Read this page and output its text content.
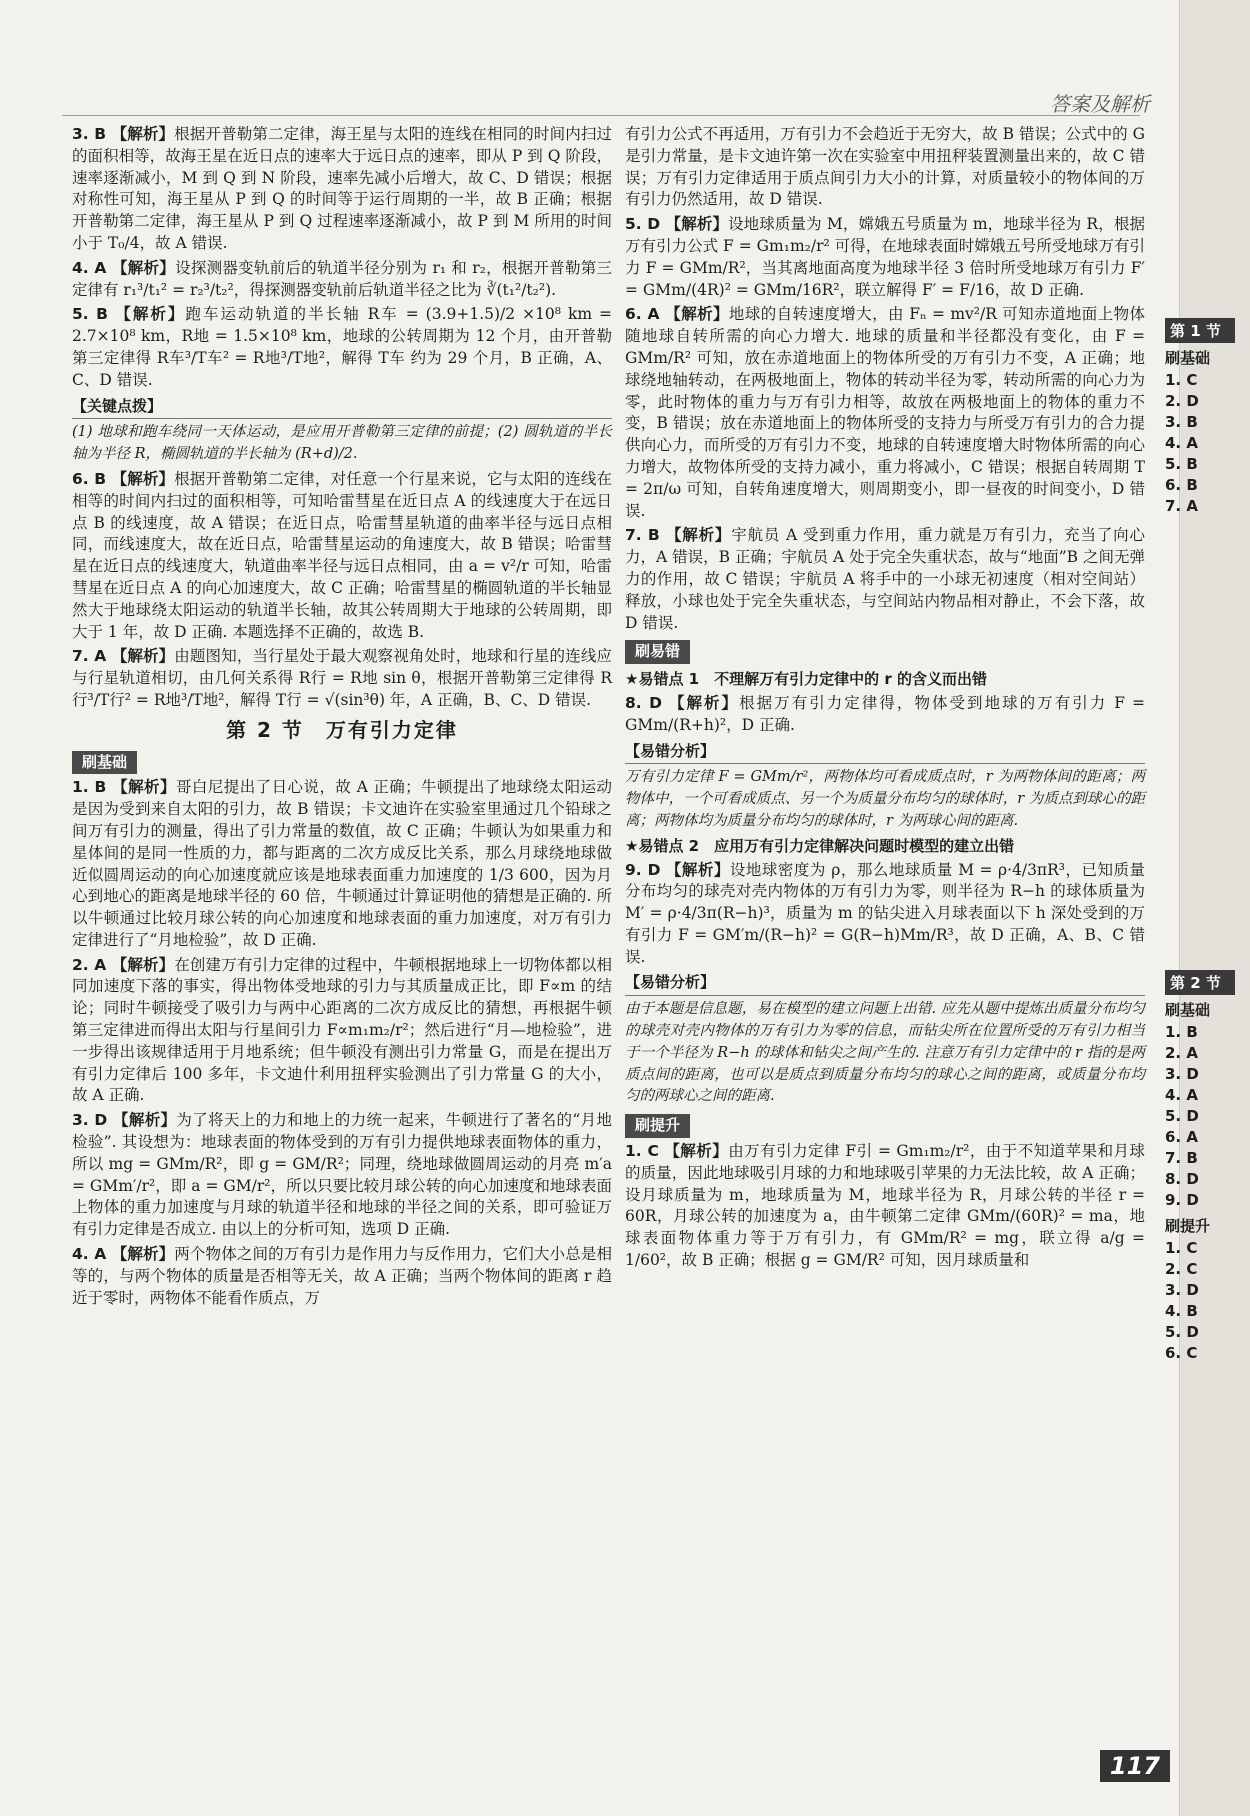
答案及解析

3. B 【解析】根据开普勒第二定律，海王星与太阳的连线在相同的时间内扫过的面积相等，故海王星在近日点的速率大于远日点的速率，即从 P 到 Q 阶段，速率逐渐减小，M 到 Q 到 N 阶段，速率先减小后增大，故 C、D 错误；根据对称性可知，海王星从 P 到 Q 的时间等于运行周期的一半，故 B 正确；根据开普勒第二定律，海王星从 P 到 Q 过程速率逐渐减小，故 P 到 M 所用的时间小于 T₀/4，故 A 错误.

4. A 【解析】设探测器变轨前后的轨道半径分别为 r₁ 和 r₂，根据开普勒第三定律有 r₁³/t₁² = r₂³/t₂²，得探测器变轨前后轨道半径之比为 ∛(t₁²/t₂²).

5. B 【解析】跑车运动轨道的半长轴 R车 = (3.9+1.5)/2 ×10⁸ km = 2.7×10⁸ km，R地 = 1.5×10⁸ km，地球的公转周期为 12 个月，由开普勒第三定律得 R车³/T车² = R地³/T地²，解得 T车 约为 29 个月，B 正确，A、C、D 错误.

【关键点拨】

(1) 地球和跑车绕同一天体运动，是应用开普勒第三定律的前提；(2) 圆轨道的半长轴为半径 R，椭圆轨道的半长轴为 (R+d)/2.

6. B 【解析】根据开普勒第二定律，对任意一个行星来说，它与太阳的连线在相等的时间内扫过的面积相等，可知哈雷彗星在近日点 A 的线速度大于在远日点 B 的线速度，故 A 错误；在近日点，哈雷彗星轨道的曲率半径与远日点相同，而线速度大，故在近日点，哈雷彗星运动的角速度大，故 B 错误；哈雷彗星在近日点的线速度大，轨道曲率半径与远日点相同，由 a = v²/r 可知，哈雷彗星在近日点 A 的向心加速度大，故 C 正确；哈雷彗星的椭圆轨道的半长轴显然大于地球绕太阳运动的轨道半长轴，故其公转周期大于地球的公转周期，即大于 1 年，故 D 正确. 本题选择不正确的，故选 B.

7. A 【解析】由题图知，当行星处于最大观察视角处时，地球和行星的连线应与行星轨道相切，由几何关系得 R行 = R地 sin θ，根据开普勒第三定律得 R行³/T行² = R地³/T地²，解得 T行 = √(sin³θ) 年，A 正确，B、C、D 错误.

第 2 节　万有引力定律
刷基础

1. B 【解析】哥白尼提出了日心说，故 A 正确；牛顿提出了地球绕太阳运动是因为受到来自太阳的引力，故 B 错误；卡文迪许在实验室里通过几个铅球之间万有引力的测量，得出了引力常量的数值，故 C 正确；牛顿认为如果重力和星体间的是同一性质的力，都与距离的二次方成反比关系，那么月球绕地球做近似圆周运动的向心加速度就应该是地球表面重力加速度的 1/3 600，因为月心到地心的距离是地球半径的 60 倍，牛顿通过计算证明他的猜想是正确的. 所以牛顿通过比较月球公转的向心加速度和地球表面的重力加速度，对万有引力定律进行了“月地检验”，故 D 正确.

2. A 【解析】在创建万有引力定律的过程中，牛顿根据地球上一切物体都以相同加速度下落的事实，得出物体受地球的引力与其质量成正比，即 F∝m 的结论；同时牛顿接受了吸引力与两中心距离的二次方成反比的猜想，再根据牛顿第三定律进而得出太阳与行星间引力 F∝m₁m₂/r²；然后进行“月—地检验”，进一步得出该规律适用于月地系统；但牛顿没有测出引力常量 G，而是在提出万有引力定律后 100 多年，卡文迪什利用扭秤实验测出了引力常量 G 的大小，故 A 正确.

3. D 【解析】为了将天上的力和地上的力统一起来，牛顿进行了著名的“月地检验”. 其设想为：地球表面的物体受到的万有引力提供地球表面物体的重力，所以 mg = GMm/R²，即 g = GM/R²；同理，绕地球做圆周运动的月亮 m′a = GMm′/r²，即 a = GM/r²，所以只要比较月球公转的向心加速度和地球表面上物体的重力加速度与月球的轨道半径和地球的半径之间的关系，即可验证万有引力定律是否成立. 由以上的分析可知，选项 D 正确.

4. A 【解析】两个物体之间的万有引力是作用力与反作用力，它们大小总是相等的，与两个物体的质量是否相等无关，故 A 正确；当两个物体间的距离 r 趋近于零时，两物体不能看作质点，万

有引力公式不再适用，万有引力不会趋近于无穷大，故 B 错误；公式中的 G 是引力常量，是卡文迪许第一次在实验室中用扭秤装置测量出来的，故 C 错误；万有引力定律适用于质点间引力大小的计算，对质量较小的物体间的万有引力仍然适用，故 D 错误.

5. D 【解析】设地球质量为 M，嫦娥五号质量为 m，地球半径为 R，根据万有引力公式 F = Gm₁m₂/r² 可得，在地球表面时嫦娥五号所受地球万有引力 F = GMm/R²，当其离地面高度为地球半径 3 倍时所受地球万有引力 F′ = GMm/(4R)² = GMm/16R²，联立解得 F′ = F/16，故 D 正确.

6. A 【解析】地球的自转速度增大，由 Fₙ = mv²/R 可知赤道地面上物体随地球自转所需的向心力增大. 地球的质量和半径都没有变化，由 F = GMm/R² 可知，放在赤道地面上的物体所受的万有引力不变，A 正确；地球绕地轴转动，在两极地面上，物体的转动半径为零，转动所需的向心力为零，此时物体的重力与万有引力相等，故放在两极地面上的物体的重力不变，B 错误；放在赤道地面上的物体所受的支持力与所受万有引力的合力提供向心力，而所受的万有引力不变，地球的自转速度增大时物体所需的向心力增大，故物体所受的支持力减小，重力将减小，C 错误；根据自转周期 T = 2π/ω 可知，自转角速度增大，则周期变小，即一昼夜的时间变小，D 错误.

7. B 【解析】宇航员 A 受到重力作用，重力就是万有引力，充当了向心力，A 错误，B 正确；宇航员 A 处于完全失重状态，故与“地面”B 之间无弹力的作用，故 C 错误；宇航员 A 将手中的一小球无初速度（相对空间站）释放，小球也处于完全失重状态，与空间站内物品相对静止，不会下落，故 D 错误.

刷易错
★易错点 1　不理解万有引力定律中的 r 的含义而出错

8. D 【解析】根据万有引力定律得，物体受到地球的万有引力 F = GMm/(R+h)²，D 正确.

【易错分析】

万有引力定律 F = GMm/r²，两物体均可看成质点时，r 为两物体间的距离；两物体中，一个可看成质点、另一个为质量分布均匀的球体时，r 为质点到球心的距离；两物体均为质量分布均匀的球体时，r 为两球心间的距离.

★易错点 2　应用万有引力定律解决问题时模型的建立出错

9. D 【解析】设地球密度为 ρ，那么地球质量 M = ρ·4/3πR³，已知质量分布均匀的球壳对壳内物体的万有引力为零，则半径为 R−h 的球体质量为 M′ = ρ·4/3π(R−h)³，质量为 m 的钻尖进入月球表面以下 h 深处受到的万有引力 F = GM′m/(R−h)² = G(R−h)Mm/R³，故 D 正确，A、B、C 错误.

【易错分析】

由于本题是信息题，易在模型的建立问题上出错. 应先从题中提炼出质量分布均匀的球壳对壳内物体的万有引力为零的信息，而钻尖所在位置所受的万有引力相当于一个半径为 R−h 的球体和钻尖之间产生的. 注意万有引力定律中的 r 指的是两质点间的距离，也可以是质点到质量分布均匀的球心之间的距离，或质量分布均匀的两球心之间的距离.

刷提升

1. C 【解析】由万有引力定律 F引 = Gm₁m₂/r²，由于不知道苹果和月球的质量，因此地球吸引月球的力和地球吸引苹果的力无法比较，故 A 正确；设月球质量为 m，地球质量为 M，地球半径为 R，月球公转的半径 r = 60R，月球公转的加速度为 a，由牛顿第二定律 GMm/(60R)² = ma，地球表面物体重力等于万有引力，有 GMm/R² = mg，联立得 a/g = 1/60²，故 B 正确；根据 g = GM/R² 可知，因月球质量和

第 1 节
刷基础
1. C
2. D
3. B
4. A
5. B
6. B
7. A
第 2 节
刷基础
1. B
2. A
3. D
4. A
5. D
6. A
7. B
8. D
9. D
刷提升
1. C
2. C
3. D
4. B
5. D
6. C
117
